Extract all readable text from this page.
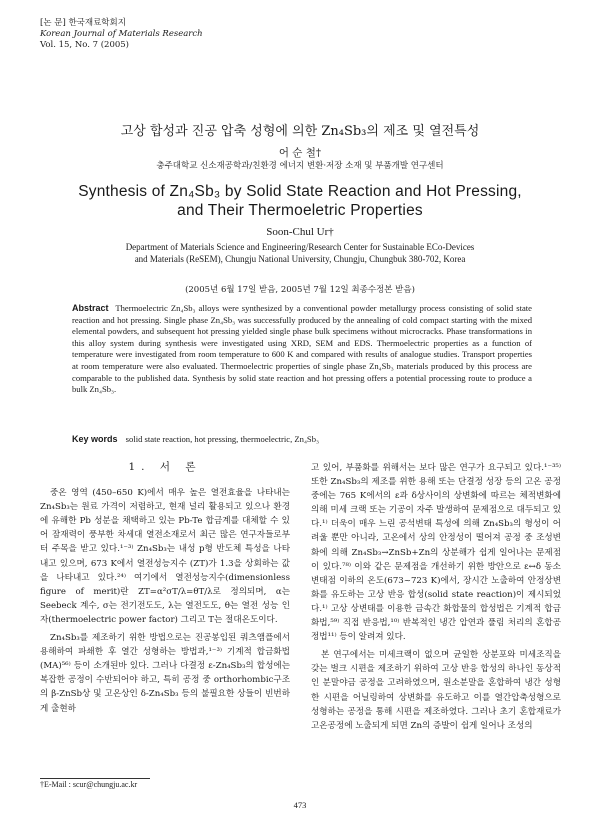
[논 문] 한국재료학회지
Korean Journal of Materials Research
Vol. 15, No. 7 (2005)
고상 합성과 진공 압축 성형에 의한 Zn₄Sb₃의 제조 및 열전특성
어 순 철†
충주대학교 신소재공학과/친환경 에너지 변환·저장 소재 및 부품개발 연구센터
Synthesis of Zn₄Sb₃ by Solid State Reaction and Hot Pressing,
and Their Thermoeletric Properties
Soon-Chul Ur†
Department of Materials Science and Engineering/Research Center for Sustainable ECo-Devices
and Materials (ReSEM), Chungju National University, Chungju, Chungbuk 380-702, Korea
(2005년 6월 17일 받음, 2005년 7월 12일 최종수정본 받음)
Abstract Thermoelectric Zn₄Sb₃ alloys were synthesized by a conventional powder metallurgy process consisting of solid state reaction and hot pressing. Single phase Zn₄Sb₃ was successfully produced by the annealing of cold compact starting with the mixed elemental powders, and subsequent hot pressing yielded single phase bulk specimens without microcracks. Phase transformations in this alloy system during synthesis were investigated using XRD, SEM and EDS. Thermoelectric properties as a function of temperature were investigated from room temperature to 600 K and compared with results of analogue studies. Transport properties at room temperature were also evaluated. Thermoelectric properties of single phase Zn₄Sb₃ materials produced by this process are comparable to the published data. Synthesis by solid state reaction and hot pressing offers a potential processing route to produce a bulk Zn₄Sb₃.
Key words solid state reaction, hot pressing, thermoelectric, Zn₄Sb₃
1. 서 론

중온 영역 (450–650 K)에서 매우 높은 열전효율을 나타내는 Zn₄Sb₃는 원료 가격이 저렴하고, 현재 널리 활용되고 있으나 환경에 유해한 Pb 성분을 채택하고 있는 Pb-Te 합금계를 대체할 수 있어 잠재력이 풍부한 차세대 열전소재로서 최근 많은 연구자들로부터 주목을 받고 있다.¹⁻³⁾ Zn₄Sb₃는 내성 p형 반도체 특성을 나타내고 있으며, 673 K에서 열전성능지수 (ZT)가 1.3을 상회하는 값을 나타내고 있다.²⁴⁾ 여기에서 열전성능지수(dimensionless figure of merit)란 ZT=α²σT/λ=θT/λ로 정의되며, α는 Seebeck 계수, σ는 전기전도도, λ는 열전도도, θ는 열전 성능 인자(thermoelectric power factor) 그리고 T는 절대온도이다.

Zn₄Sb₃를 제조하기 위한 방법으로는 진공봉입된 쿼츠앰플에서 용해하여 파쇄한 후 열간 성형하는 방법과,¹⁻³⁾ 기계적 합금화법(MA)⁵⁶⁾ 등이 소개된바 있다. 그러나 다결정 ε-Zn₄Sb₃의 합성에는 복잡한 공정이 수반되어야 하고, 특히 공정 중 orthorhombic구조의 β-ZnSb상 및 고온상인 δ-Zn₄Sb₃ 등의 불필요한 상들이 빈번하게 출현하

고 있어, 부품화를 위해서는 보다 많은 연구가 요구되고 있다.¹⁻³⁵⁾ 또한 Zn₄Sb₃의 제조를 위한 용해 또는 단결정 성장 등의 고온 공정 중에는 765 K에서의 ε과 δ상사이의 상변화에 따르는 체적변화에 의해 미세 크랙 또는 기공이 자주 발생하여 문제점으로 대두되고 있다.¹⁾ 더욱이 매우 느린 공석변태 특성에 의해 Zn₄Sb₃의 형성이 어려울 뿐만 아니라, 고온에서 상의 안정성이 떨어져 공정 중 조성변화에 의해 Zn₄Sb₃→ZnSb+Zn의 상분해가 쉽게 일어나는 문제점이 있다.⁷⁸⁾ 이와 같은 문제점을 개선하기 위한 방안으로 ε↔δ 동소변태점 이하의 온도(673~723 K)에서, 장시간 노출하여 안정상변화를 유도하는 고상 반응 합성(solid state reaction)이 제시되었다.¹⁾ 고상 상변태를 이용한 금속간 화합물의 합성법은 기계적 합금화법,⁵⁹⁾ 직접 반응법,¹⁰⁾ 반복적인 냉간 압연과 풀림 처리의 혼합공정법¹¹⁾ 등이 알려져 있다.

본 연구에서는 미세크랙이 없으며 균일한 상분포와 미세조직을 갖는 벌크 시편을 제조하기 위하여 고상 반응 합성의 하나인 동상적인 분말야금 공정을 고려하였으며, 원소분말을 혼합하여 냉간 성형한 시편을 어닐링하여 상변화를 유도하고 이를 열간압축성형으로 성형하는 공정을 통해 시편을 제조하였다. 그러나 초기 혼합재료가 고온공정에 노출되게 되면 Zn의 증발이 쉽게 일어나 조성의

†E-Mail : scur@chungju.ac.kr
473
